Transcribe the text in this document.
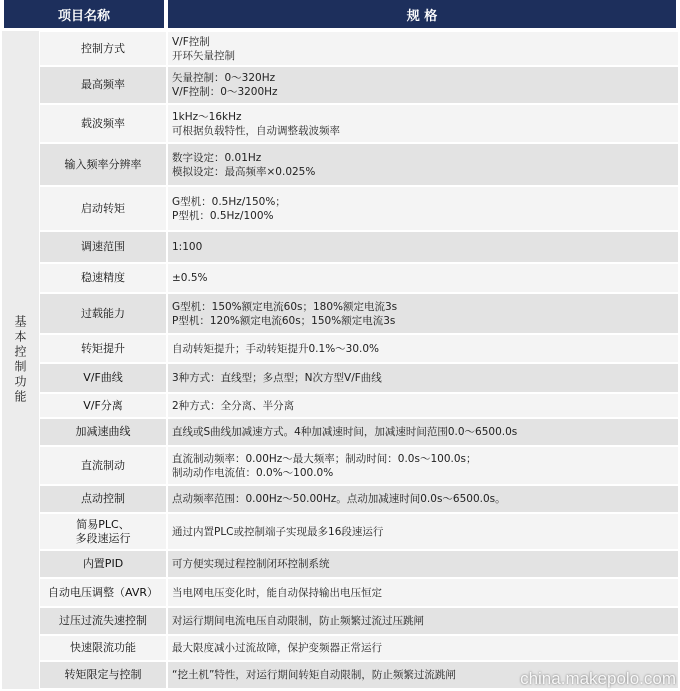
项目名称	规 格
基本控制功能
控制方式	V/F控制
开环矢量控制
最高频率	矢量控制：0～320Hz
V/F控制：0～3200Hz
载波频率	1kHz～16kHz
可根据负载特性，自动调整载波频率
输入频率分辨率	数字设定：0.01Hz
模拟设定：最高频率×0.025%
启动转矩	G型机：0.5Hz/150%；
P型机：0.5Hz/100%
调速范围	1:100
稳速精度	±0.5%
过载能力	G型机：150%额定电流60s；180%额定电流3s
P型机：120%额定电流60s；150%额定电流3s
转矩提升	自动转矩提升；手动转矩提升0.1%～30.0%
V/F曲线	3种方式：直线型；多点型；N次方型V/F曲线
V/F分离	2种方式：全分离、半分离
加减速曲线	直线或S曲线加减速方式。4种加减速时间，加减速时间范围0.0～6500.0s
直流制动	直流制动频率：0.00Hz～最大频率；制动时间：0.0s～100.0s；
制动动作电流值：0.0%～100.0%
点动控制	点动频率范围：0.00Hz～50.00Hz。点动加减速时间0.0s～6500.0s。
简易PLC、
多段速运行	通过内置PLC或控制端子实现最多16段速运行
内置PID	可方便实现过程控制闭环控制系统
自动电压调整（AVR）	当电网电压变化时，能自动保持输出电压恒定
过压过流失速控制	对运行期间电流电压自动限制，防止频繁过流过压跳闸
快速限流功能	最大限度减小过流故障，保护变频器正常运行
转矩限定与控制	“挖土机”特性，对运行期间转矩自动限制，防止频繁过流跳闸	china.makepolo.com
